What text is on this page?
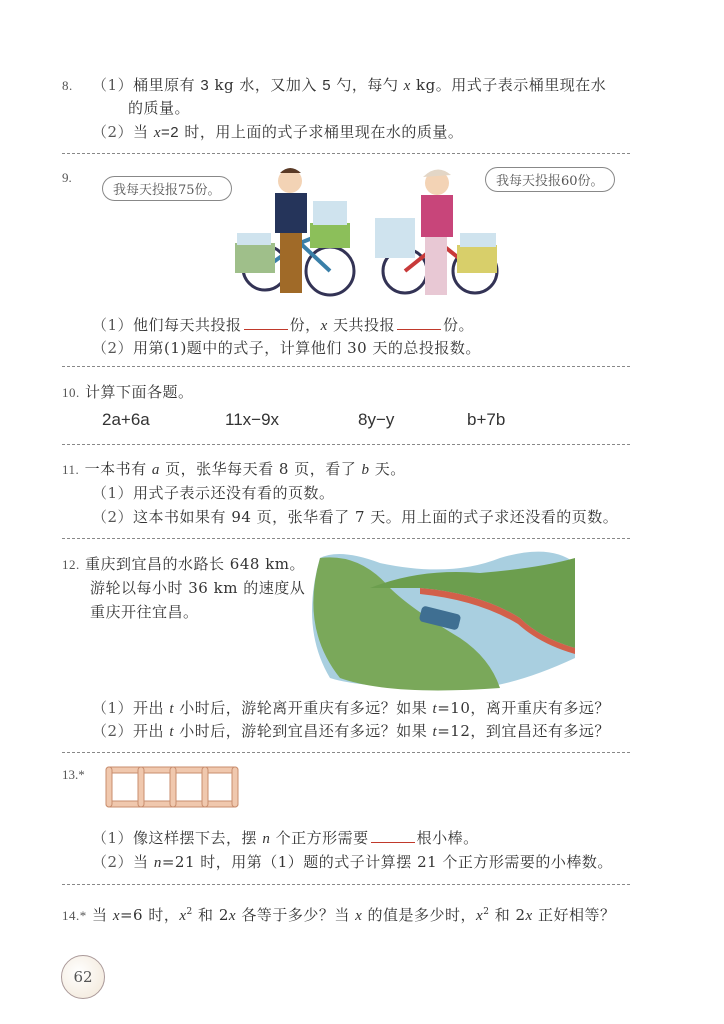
8. （1）桶里原有 3 kg 水，又加入 5 勺，每勺 x kg。用式子表示桶里现在水
的质量。
（2）当 x=2 时，用上面的式子求桶里现在水的质量。
9.
我每天投报75份。
我每天投报60份。
（1）他们每天共投报	份，x 天共投报	份。
（2）用第(1)题中的式子，计算他们 30 天的总投报数。
10. 计算下面各题。
2a+6a	11x−9x	8y−y	b+7b
11. 一本书有 a 页，张华每天看 8 页，看了 b 天。
（1）用式子表示还没有看的页数。
（2）这本书如果有 94 页，张华看了 7 天。用上面的式子求还没看的页数。
12. 重庆到宜昌的水路长 648 km。
游轮以每小时 36 km 的速度从
重庆开往宜昌。
（1）开出 t 小时后，游轮离开重庆有多远？如果 t=10，离开重庆有多远？
（2）开出 t 小时后，游轮到宜昌还有多远？如果 t=12，到宜昌还有多远？
13.*
（1）像这样摆下去，摆 n 个正方形需要	根小棒。
（2）当 n=21 时，用第（1）题的式子计算摆 21 个正方形需要的小棒数。
14.* 当 x=6 时，$x^2$ 和 2x 各等于多少？当 x 的值是多少时，$x^2$ 和 2x 正好相等？
62
